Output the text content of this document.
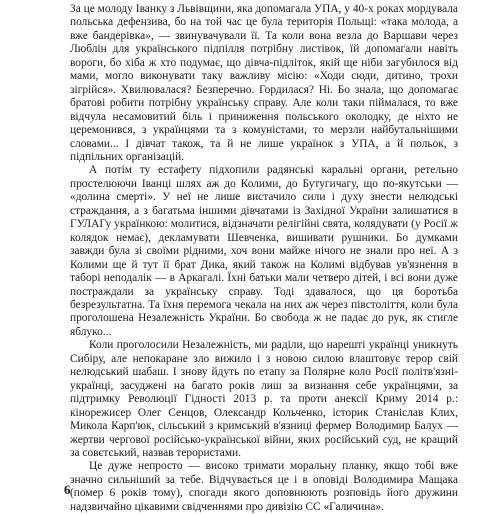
За це молоду Іванку з Львівщини, яка допомагала УПА, у 40-х роках мордувала польська дефензива, бо на той час це була територія Польщі: «така молода, а вже бандерівка», — звинувачували її. Та коли вона везла до Варшави через Люблін для українського підпілля потрібну листівок, їй допомагали навіть вороги, бо хіба ж хто подумає, що дівча-підліток, якій ще ніби загубилося від мами, могло виконувати таку важливу місію: «Ходи сюди, дитино, трохи зігрійся». Хвилювалася? Безперечно. Гордилася? Ні. Бо знала, що допомагає братові робити потрібну українську справу. Але коли таки піймалася, то вже відчула несамовитий біль і приниження польського околодку, де ніхто не церемонився, з українцями та з комуністами, то мерзли найбутальнішими словами... І дівчат також, та й не лише українок з УПА, а й польок, з підпільних організацій.

А потім ту естафету підхопили радянські каральні органи, ретельно простелюючи Іванці шлях аж до Колими, до Бутугичагу, що по-якутськи — «долина смерті». У неї не лише вистачило сили і духу знести нелюдські страждання, а з багатьма іншими дівчатами із Західної України залишатися в ГУЛАГу українкою: молитися, відзначати релігійні свята, колядувати (у Росії ж колядок немає), декламувати Шевченка, вишивати рушники. Бо думками завжди була зі своїми рідними, хоч вони майже нічого не знали про неї. А з Колими ще й тут її брат Дика, який також на Колимі відбував ув'язнення в таборі неподалік — в Аркагалі. Їхні батьки мали четверо дітей, і всі вони дуже постраждали за українську справу. Тоді здавалося, що ця боротьба безрезультатна. Та їхня перемога чекала на них аж через півстоліття, коли була проголошена Незалежність України. Бо свобода ж не падає до рук, як стигле яблуко...

Коли проголосили Незалежність, ми раділи, що нарешті українці уникнуть Сибіру, але непокаране зло вижило і з новою силою влаштовує терор свій нелюдський шабаш. І знову йдуть по етапу за Полярне коло Росії політв'язні-українці, засуджені на багато років лиш за визнання себе українцями, за підтримку Революції Гідності 2013 р. та проти анексії Криму 2014 р.: кінорежисер Олег Сенцов, Олександр Кольченко, історик Станіслав Клих, Микола Карп'юк, сільський з кримський в'язниці фермер Володимир Балух — жертви чергової російсько-української війни, яких російський суд, не кращий за совєтський, назвав терористами.

Це дуже непросто — високо тримати моральну планку, якщо тобі вже значно сильніший за тебе. Відчувається це і в оповіді Володимира Мащака (помер 6 років тому), спогади якого доповнюють розповідь його дружини надзвичайно цікавими свідченнями про дивізію СС «Галичина».

6
